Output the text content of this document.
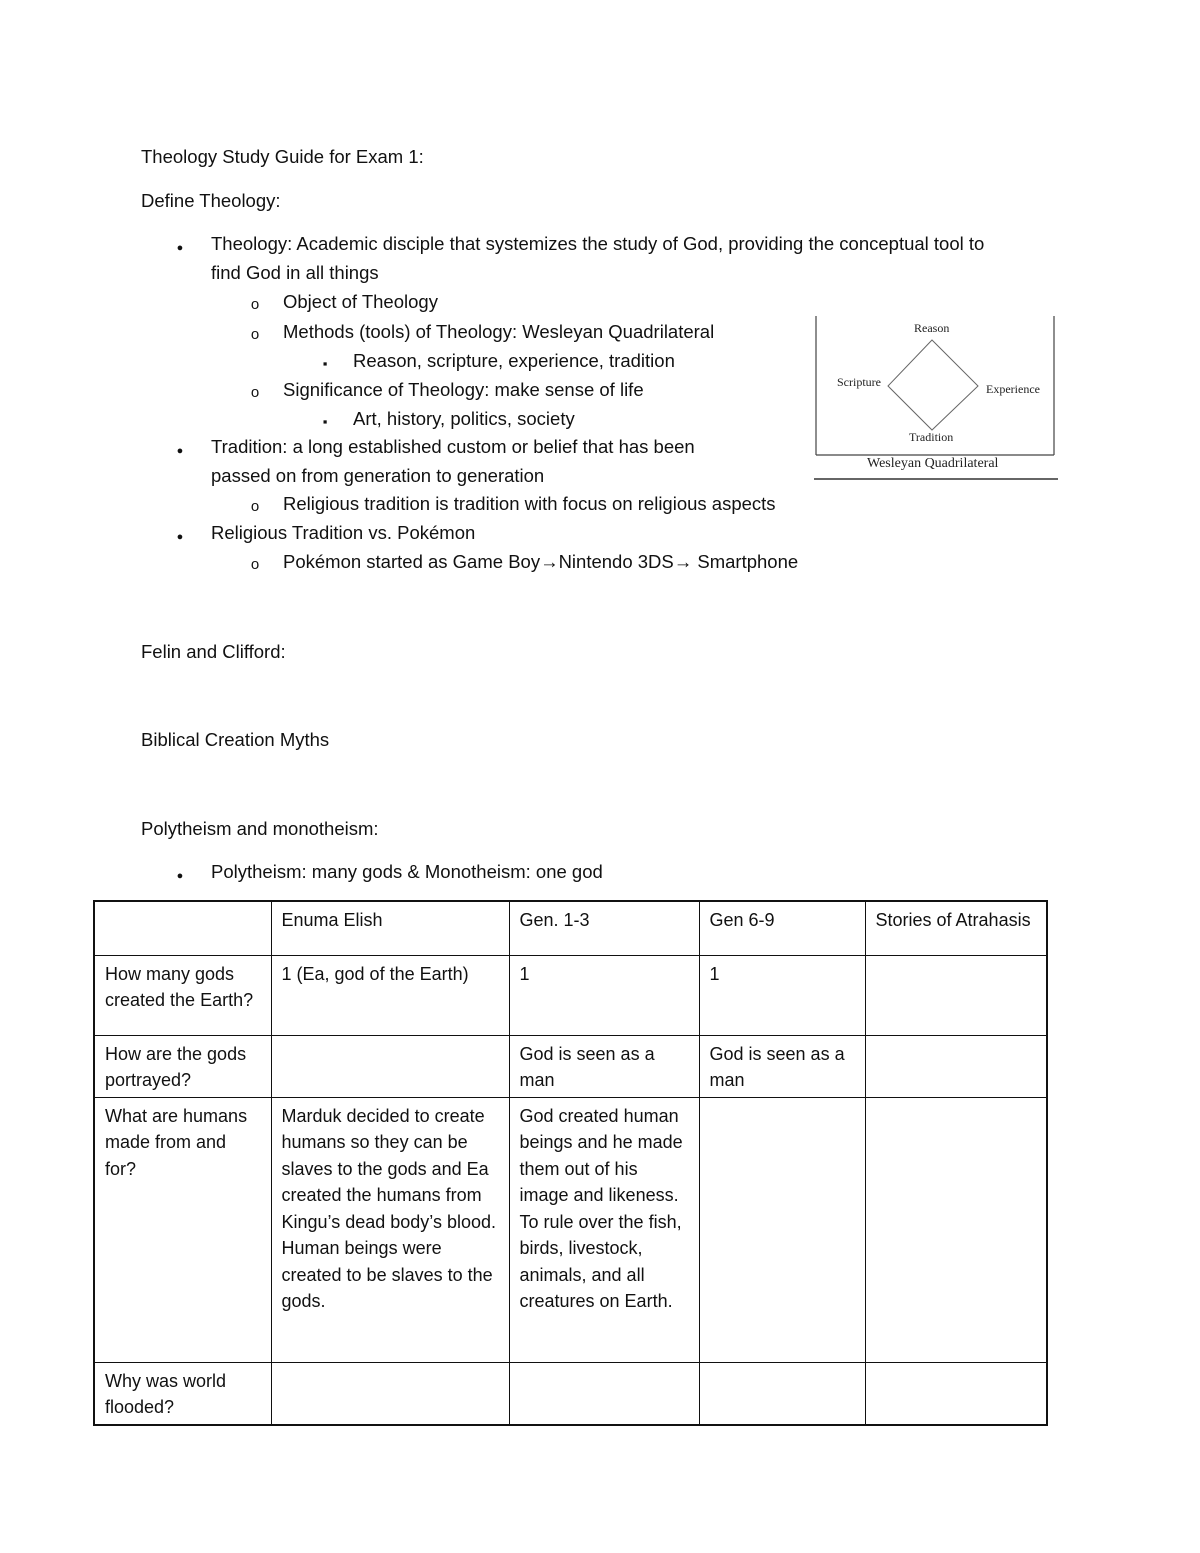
Theology Study Guide for Exam 1:
Define Theology:
●
Theology: Academic disciple that systemizes the study of God, providing the conceptual tool to
find God in all things
o
Object of Theology
o
Methods (tools) of Theology: Wesleyan Quadrilateral
▪
Reason, scripture, experience, tradition
o
Significance of Theology: make sense of life
▪
Art, history, politics, society
●
Tradition: a long established custom or belief that has been
passed on from generation to generation
o
Religious tradition is tradition with focus on religious aspects
●
Religious Tradition vs. Pokémon
o
Pokémon started as Game Boy→Nintendo 3DS→ Smartphone
Reason
Scripture	Experience
Tradition
Wesleyan Quadrilateral
Felin and Clifford:
Biblical Creation Myths
Polytheism and monotheism:
●
Polytheism: many gods & Monotheism: one god
	Enuma Elish	Gen. 1-3	Gen 6-9	Stories of Atrahasis
How many gods created the Earth?	1 (Ea, god of the Earth)	1	1	
How are the gods portrayed?		God is seen as a man	God is seen as a man	
What are humans made from and for?	Marduk decided to create humans so they can be slaves to the gods and Ea created the humans from Kingu’s dead body’s blood. Human beings were created to be slaves to the gods.	God created human beings and he made them out of his image and likeness. To rule over the fish, birds, livestock, animals, and all creatures on Earth.		
Why was world flooded?				
